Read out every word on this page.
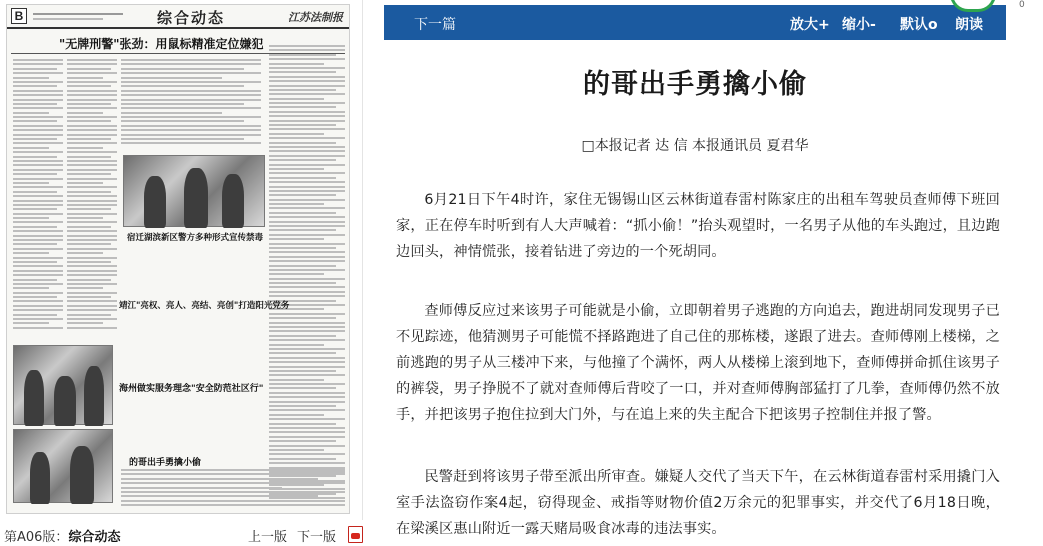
B	综合动态	江苏法制报
"无牌刑警"张劲：用鼠标精准定位嫌犯
宿迁湖滨新区警方多种形式宣传禁毒
靖江"亮权、亮人、亮结、亮创"打造阳光党务
海州做实服务理念"安全防范社区行"
的哥出手勇擒小偷
第A06版：综合动态	上一版 下一版
下一篇	放大+ 缩小- 默认o 朗读
0
的哥出手勇擒小偷
□本报记者 达 信 本报通讯员 夏君华

6月21日下午4时许，家住无锡锡山区云林街道春雷村陈家庄的出租车驾驶员查师傅下班回家，正在停车时听到有人大声喊着：“抓小偷！”抬头观望时，一名男子从他的车头跑过，且边跑边回头，神情慌张，接着钻进了旁边的一个死胡同。

查师傅反应过来该男子可能就是小偷，立即朝着男子逃跑的方向追去，跑进胡同发现男子已不见踪迹，他猜测男子可能慌不择路跑进了自己住的那栋楼，遂跟了进去。查师傅刚上楼梯，之前逃跑的男子从三楼冲下来，与他撞了个满怀，两人从楼梯上滚到地下，查师傅拼命抓住该男子的裤袋，男子挣脱不了就对查师傅后背咬了一口，并对查师傅胸部猛打了几拳，查师傅仍然不放手，并把该男子抱住拉到大门外，与在追上来的失主配合下把该男子控制住并报了警。

民警赶到将该男子带至派出所审查。嫌疑人交代了当天下午，在云林街道春雷村采用撬门入室手法盗窃作案4起，窃得现金、戒指等财物价值2万余元的犯罪事实，并交代了6月18日晚，在梁溪区惠山附近一露天赌局吸食冰毒的违法事实。
